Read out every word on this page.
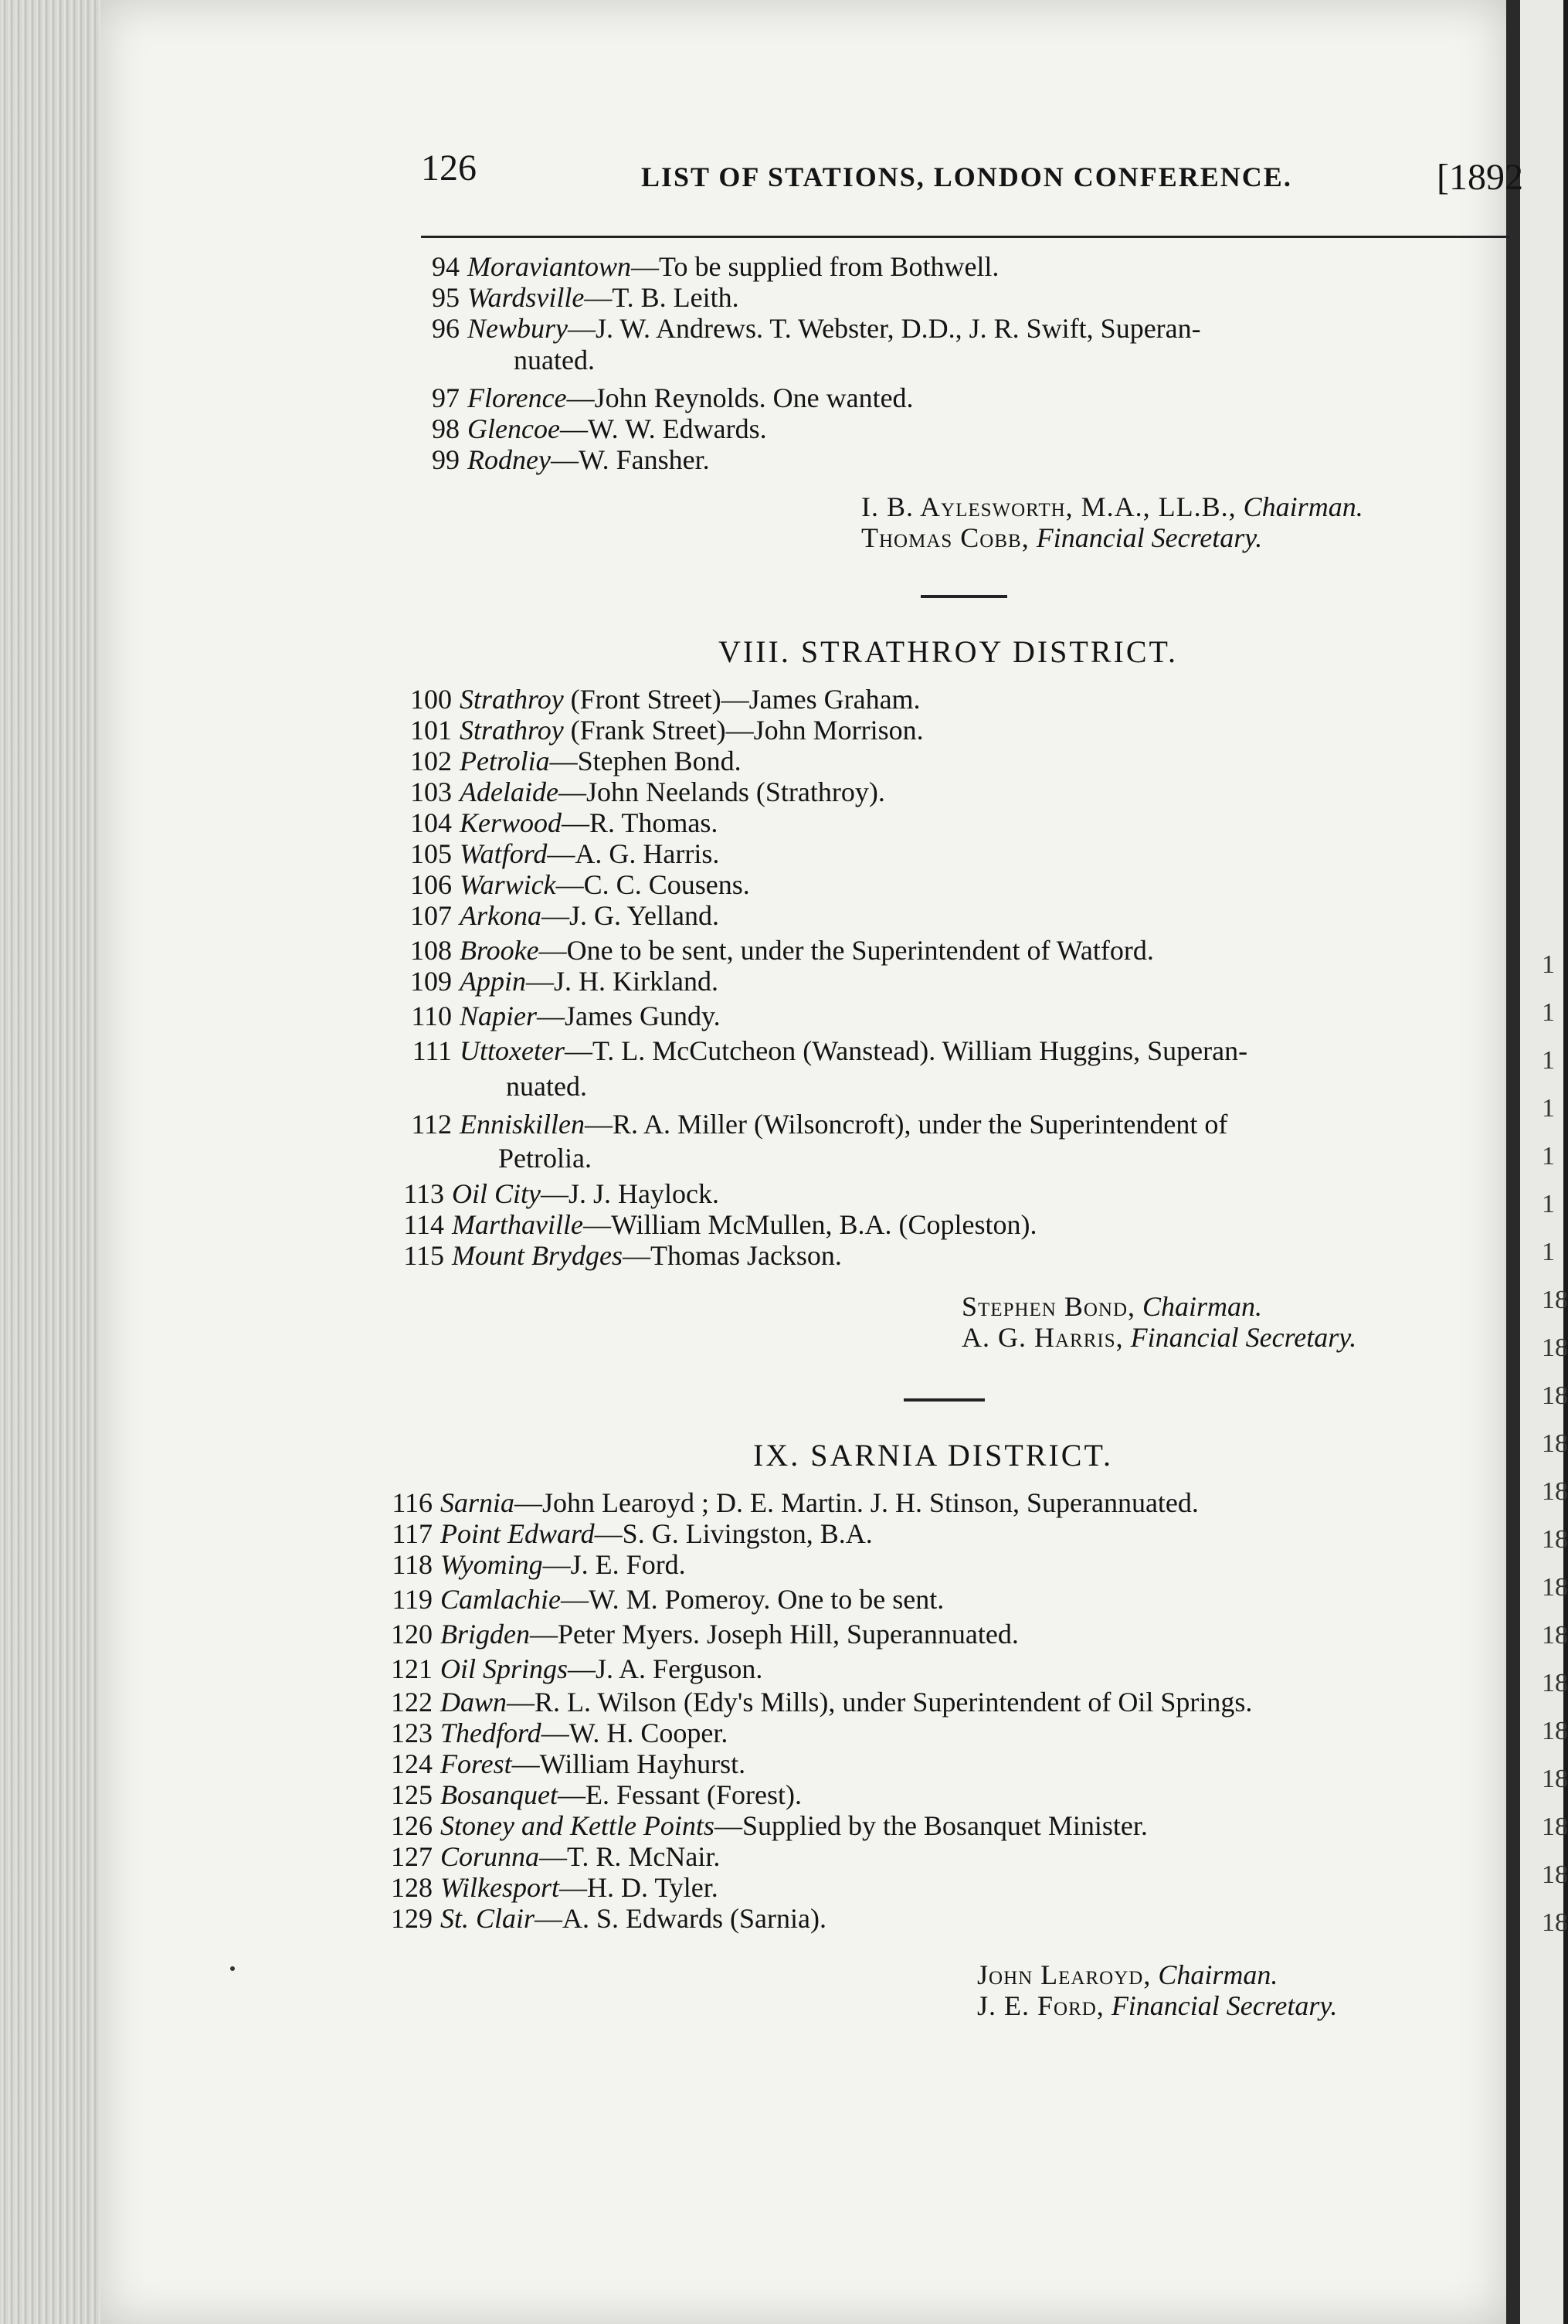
126	LIST OF STATIONS, LONDON CONFERENCE.	[1892
94 Moraviantown—To be supplied from Bothwell.
95 Wardsville—T. B. Leith.
96 Newbury—J. W. Andrews. T. Webster, D.D., J. R. Swift, Superan-
nuated.
97 Florence—John Reynolds. One wanted.
98 Glencoe—W. W. Edwards.
99 Rodney—W. Fansher.
I. B. Aylesworth, M.A., LL.B., Chairman.
Thomas Cobb, Financial Secretary.
VIII. STRATHROY DISTRICT.
100 Strathroy (Front Street)—James Graham.
101 Strathroy (Frank Street)—John Morrison.
102 Petrolia—Stephen Bond.
103 Adelaide—John Neelands (Strathroy).
104 Kerwood—R. Thomas.
105 Watford—A. G. Harris.
106 Warwick—C. C. Cousens.
107 Arkona—J. G. Yelland.
108 Brooke—One to be sent, under the Superintendent of Watford.
109 Appin—J. H. Kirkland.
110 Napier—James Gundy.
111 Uttoxeter—T. L. McCutcheon (Wanstead). William Huggins, Superan-
nuated.
112 Enniskillen—R. A. Miller (Wilsoncroft), under the Superintendent of
Petrolia.
113 Oil City—J. J. Haylock.
114 Marthaville—William McMullen, B.A. (Copleston).
115 Mount Brydges—Thomas Jackson.
Stephen Bond, Chairman.
A. G. Harris, Financial Secretary.
IX. SARNIA DISTRICT.
116 Sarnia—John Learoyd ; D. E. Martin. J. H. Stinson, Superannuated.
117 Point Edward—S. G. Livingston, B.A.
118 Wyoming—J. E. Ford.
119 Camlachie—W. M. Pomeroy. One to be sent.
120 Brigden—Peter Myers. Joseph Hill, Superannuated.
121 Oil Springs—J. A. Ferguson.
122 Dawn—R. L. Wilson (Edy's Mills), under Superintendent of Oil Springs.
123 Thedford—W. H. Cooper.
124 Forest—William Hayhurst.
125 Bosanquet—E. Fessant (Forest).
126 Stoney and Kettle Points—Supplied by the Bosanquet Minister.
127 Corunna—T. R. McNair.
128 Wilkesport—H. D. Tyler.
129 St. Clair—A. S. Edwards (Sarnia).
John Learoyd, Chairman.
J. E. Ford, Financial Secretary.
1
1
1
1
1
1
1
18
18
18
18
18
18
18
18
18
18
18
18
18
18
